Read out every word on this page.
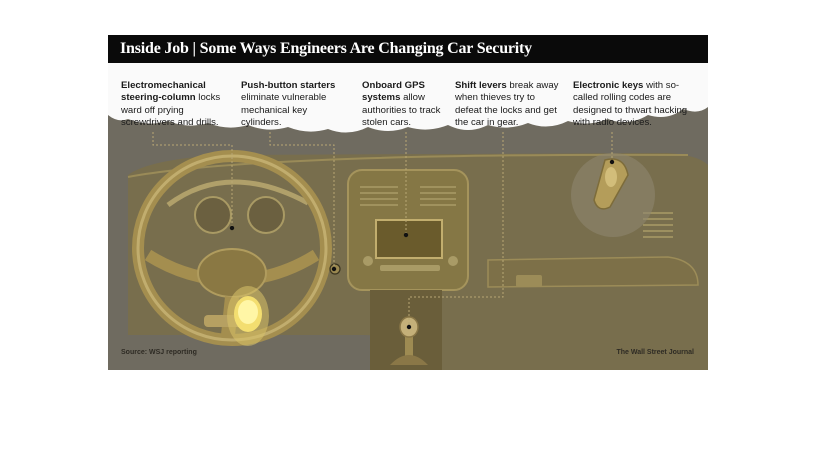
Inside Job | Some Ways Engineers Are Changing Car Security
Electromechanical steering-column locks ward off prying screwdrivers and drills.
Push-button starters eliminate vulnerable mechanical key cylinders.
Onboard GPS systems allow authorities to track stolen cars.
Shift levers break away when thieves try to defeat the locks and get the car in gear.
Electronic keys with so-called rolling codes are designed to thwart hacking with radio devices.
Source: WSJ reporting	The Wall Street Journal
